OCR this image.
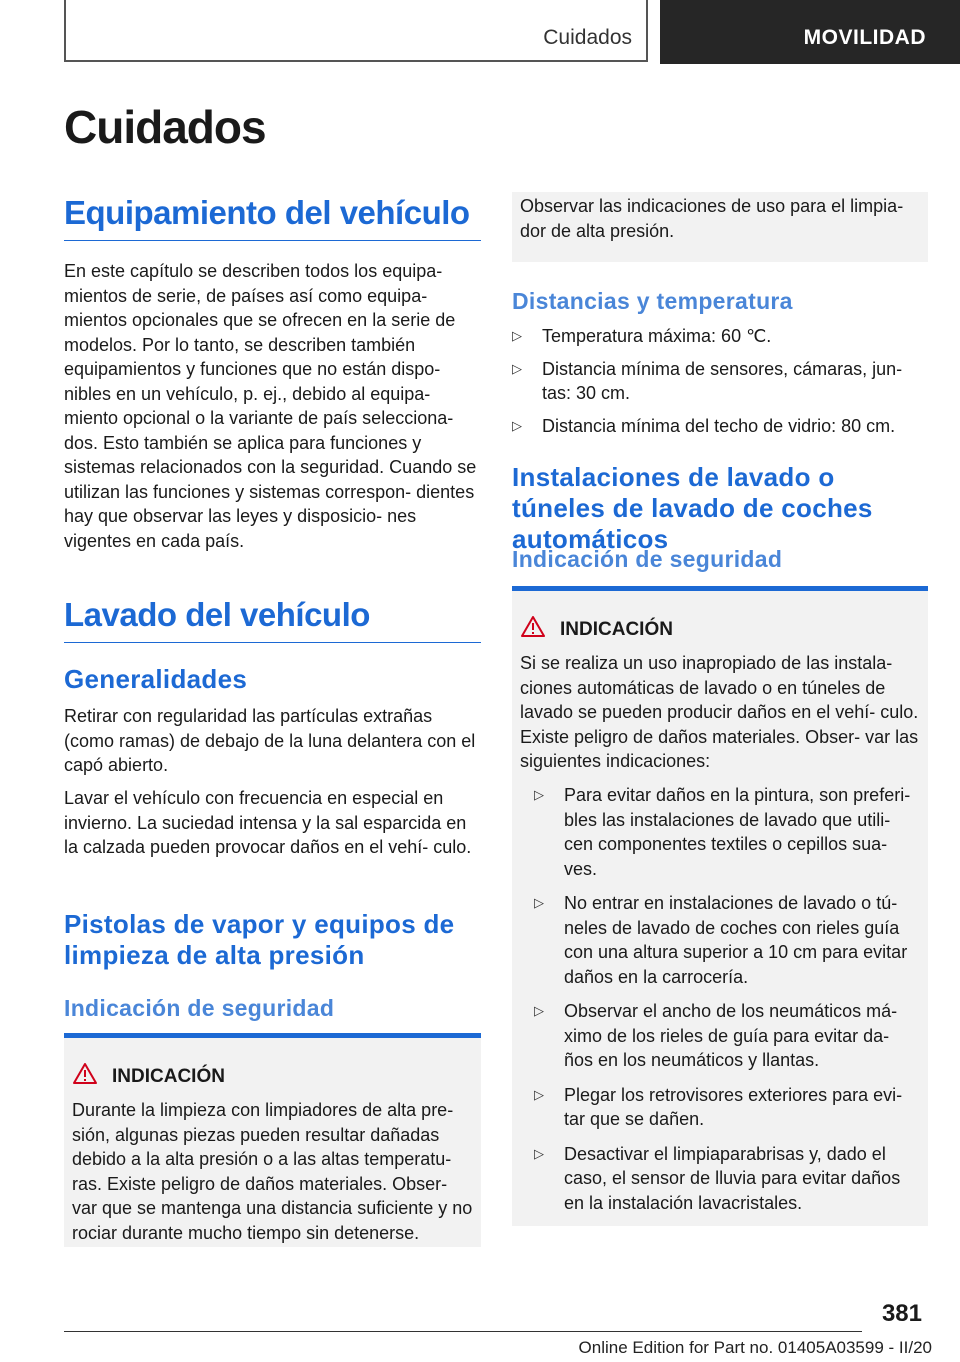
Cuidados	MOVILIDAD
Cuidados
Equipamiento del vehículo

En este capítulo se describen todos los equipa‐ mientos de serie, de países así como equipa‐ mientos opcionales que se ofrecen en la serie de modelos. Por lo tanto, se describen también equipamientos y funciones que no están dispo‐ nibles en un vehículo, p. ej., debido al equipa‐ miento opcional o la variante de país selecciona‐ dos. Esto también se aplica para funciones y sistemas relacionados con la seguridad. Cuando se utilizan las funciones y sistemas correspon‐ dientes hay que observar las leyes y disposicio‐ nes vigentes en cada país.

Lavado del vehículo
Generalidades

Retirar con regularidad las partículas extrañas (como ramas) de debajo de la luna delantera con el capó abierto.

Lavar el vehículo con frecuencia en especial en invierno. La suciedad intensa y la sal esparcida en la calzada pueden provocar daños en el vehí‐ culo.

Pistolas de vapor y equipos de limpieza de alta presión
Indicación de seguridad
INDICACIÓN

Durante la limpieza con limpiadores de alta pre‐ sión, algunas piezas pueden resultar dañadas debido a la alta presión o a las altas temperatu‐ ras. Existe peligro de daños materiales. Obser‐ var que se mantenga una distancia suficiente y no rociar durante mucho tiempo sin detenerse.

Observar las indicaciones de uso para el limpia‐ dor de alta presión.

Distancias y temperatura
▷ Temperatura máxima: 60 ℃.
▷ Distancia mínima de sensores, cámaras, jun‐ tas: 30 cm.
▷ Distancia mínima del techo de vidrio: 80 cm.
Instalaciones de lavado o túneles de lavado de coches automáticos
Indicación de seguridad
INDICACIÓN

Si se realiza un uso inapropiado de las instala‐ ciones automáticas de lavado o en túneles de lavado se pueden producir daños en el vehí‐ culo. Existe peligro de daños materiales. Obser‐ var las siguientes indicaciones:

▷ Para evitar daños en la pintura, son preferi‐ bles las instalaciones de lavado que utili‐ cen componentes textiles o cepillos sua‐ ves.
▷ No entrar en instalaciones de lavado o tú‐ neles de lavado de coches con rieles guía con una altura superior a 10 cm para evitar daños en la carrocería.
▷ Observar el ancho de los neumáticos má‐ ximo de los rieles de guía para evitar da‐ ños en los neumáticos y llantas.
▷ Plegar los retrovisores exteriores para evi‐ tar que se dañen.
▷ Desactivar el limpiaparabrisas y, dado el caso, el sensor de lluvia para evitar daños en la instalación lavacristales.
381
Online Edition for Part no. 01405A03599 - II/20
